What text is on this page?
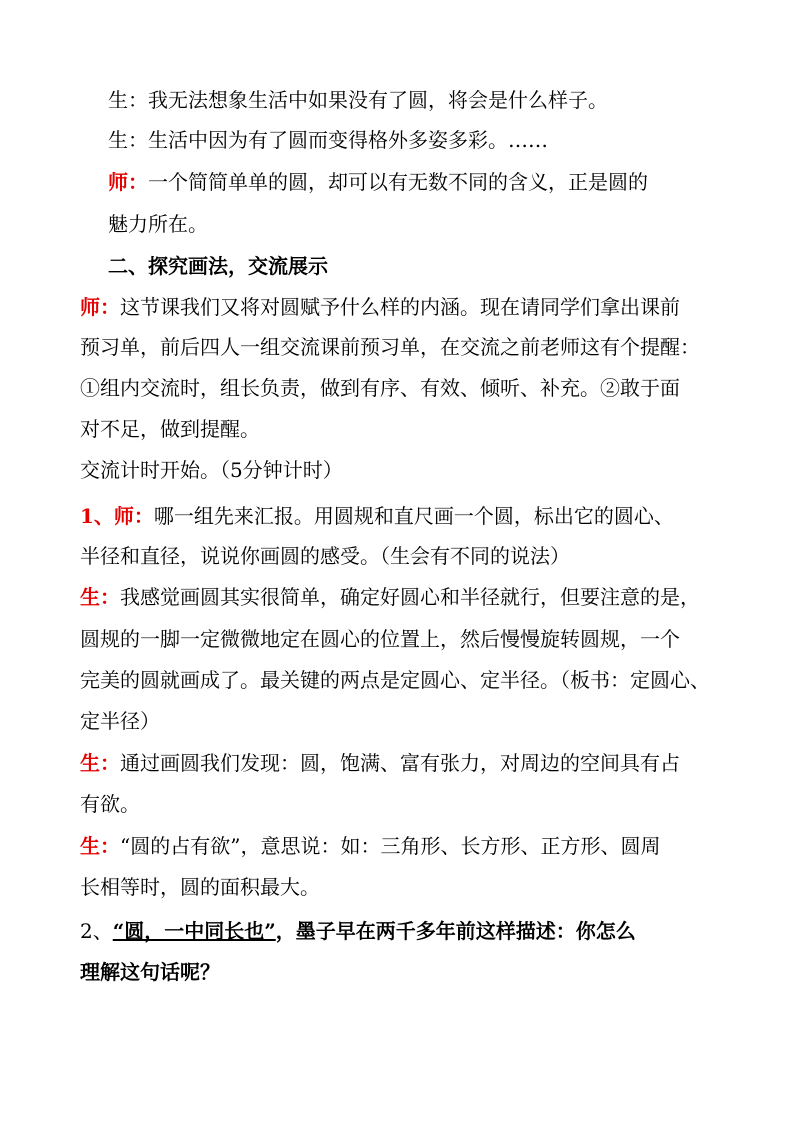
生：我无法想象生活中如果没有了圆，将会是什么样子。
生：生活中因为有了圆而变得格外多姿多彩。……
师：一个简简单单的圆，却可以有无数不同的含义，正是圆的
魅力所在。
二、探究画法，交流展示
师：这节课我们又将对圆赋予什么样的内涵。现在请同学们拿出课前
预习单，前后四人一组交流课前预习单，在交流之前老师这有个提醒：
①组内交流时，组长负责，做到有序、有效、倾听、补充。②敢于面
对不足，做到提醒。
交流计时开始。（5分钟计时）
1、师：哪一组先来汇报。用圆规和直尺画一个圆，标出它的圆心、
半径和直径，说说你画圆的感受。（生会有不同的说法）
生：我感觉画圆其实很简单，确定好圆心和半径就行，但要注意的是，
圆规的一脚一定微微地定在圆心的位置上，然后慢慢旋转圆规，一个
完美的圆就画成了。最关键的两点是定圆心、定半径。（板书：定圆心、
定半径）
生：通过画圆我们发现：圆，饱满、富有张力，对周边的空间具有占
有欲。
生：“圆的占有欲”，意思说：如：三角形、长方形、正方形、圆周
长相等时，圆的面积最大。
2、“圆，一中同长也”，墨子早在两千多年前这样描述：你怎么
理解这句话呢？
